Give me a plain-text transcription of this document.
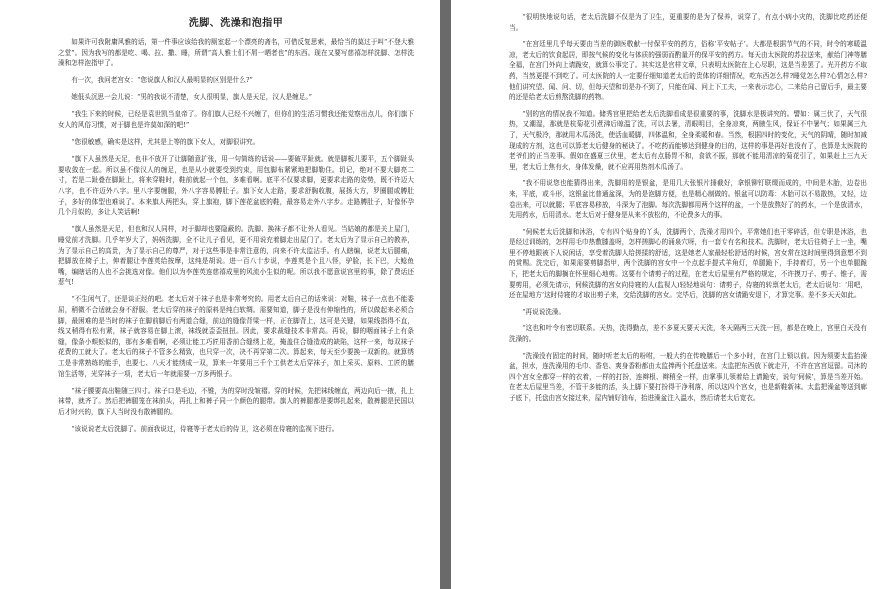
洗脚、洗澡和泡指甲

如果许可我附庸风雅的话，第一件事应该给我的厕室起一个漂亮的斋名，可借反复思索，最恰当的莫过于叫“不登大雅之堂”。因为我写的都是吃、喝、拉、撒、睡，所谓“高人雅士们不屑一晒者也”的东西。现在又要写慈禧怎样洗脚、怎样洗澡和怎样泡指甲了。

有一次，我问老宫女：“您说旗人和汉人最明显的区别是什么?”

她低头沉思一会儿说：“男的我说不清楚，女人很明显，旗人是天足，汉人是缠足。”

“我生下来的时候，已经是袁世凯当皇帝了。你们旗人已经不兴缠了，但你们的生活习惯我还能觉察出点儿，你们旗下女人的风俗习惯，对于脚也是许莫如深的吧!”

“您很敏感，确实是这样，尤其是上等的旗下女人，对脚很讲究。

“旗下人虽然是天足，也非不放开了让脚随意扩张，用一句简练的话说——要破平趾就。就是脚板儿要平，五个脚趾头要收敛在一起。所以虽不像汉人的缠足，也是从小就要受到约束，用包脚布紧紧地把脚勒住。切记，绝对不要大脚亮二寸，若是二趾叠在脚趾上，将来穿鞋时，鞋前就起一个包，多难看啊。底平不仅要求脚，更要求走路的姿势，既不许迈大八字，也不许迈外八字。里八字要缠腿，外八字容易膊肚子。旗下女人走路，要求舒胸收腹，展扬大方，罗圈腿或膊肚子，多好的体型也难说了。本来旗人两把头，穿上旗袍，脚下莲花盆底的鞋，最容易走外八字步。走路膊肚子，好像怀孕几个月似的，多让人笑话啊!

“旗人虽然是天足，但也和汉人同样，对于脚却也要隐蔽的。洗脚、换袜子都不让外人看见。当姑娘的都是关上屋门，睡觉前才洗脚。几乎年岁大了，妈妈洗脚，全不让儿子看见，更不用说充着脚走出屋门了。老太后为了显示自己的教养，为了显示自己的高贵，为了显示自己的尊严，对于这些事是非常注意的，向来不许太监沾手。有人瞎编，说老太后腿痛，把脚放在椅子上，伸着腿让李莲英给按摩，这纯是胡说。进一百八十步说，李莲英是个且八怪，驴脸，长下巴，大鲶鱼嘴，编瞎话的人也不会挑选对像。他们以为李莲英连慈禧成里的风流小生似的呢。所以我不愿意说宫里的事，除了费话还惹气!

“不生闲气了，还是谈正经的吧。老太后对于袜子也是非常考究的。用老太后自己的话来说：对鞋，袜子一点也不能委屈，稍微不合适就会身不舒服。老太后穿的袜子的原料是纯白软绸。需要知道，脚子是没有伸缩性的，所以做起来必须合脚，最困难的是当时的袜子在脚前脚后有两道合缝，前边的缝像背梁一样，正在脚背上，这可是关键，如果线指得不直，线又稍得有松有紧，袜子就容易在脚上滚，袜线就歪歪扭扭。因此，要求裁缝技术非常高。再说，脚的咽面袜子上有条缝，像条小蜈蚣似的，那有多难看啊，必须让能工巧匠用香前合缝绣上花，掩盖住合缝造成的缺陷，这样一来，每双袜子花费的工就大了。老太后的袜子不管多么精致，也只穿一次，决不再穿第二次。算起来，每天至少要换一双新的。就算绣工是非常熟练的能手，也要七、八天才能绣成一双，算来一年要用三千个工供老太后穿袜子，加上采买、原料、工匠的膳馆生活等，光穿袜子一项，老太后一年就需要一万多两银子。

“袜子腰要高出鞋随三四寸。袜子口是毛边，不锥，为的穿时没皱褶。穿的时候，先把袜线缠直，两边向后一掖，扎上袜带，就齐了。然后把裤腿笼在袜前头，再扎上和裤子同一个颜色的腿带。旗人的裤腿都是要绑扎起来，散裤腿是民国以后才时兴的，旗下人当时没有散裤腿的。

“该说说老太后洗脚了。前面我说过，侍寝等于老太后的侍卫，这必须在侍寝的监视下进行。

“很明快地说句话，老太后洗脚不仅是为了卫生，更重要的是为了保养，说穿了，有点小病小灾的，洗脚比吃药还便当。

“在宫廷里几乎每天要由当差的御医敬献一付保平安的药方，俗称‘平安帖子’。大都是根据节气的不同，时令的寒暖温凉，老太后的饮食起居，即按气候的变化与体质的强弱而酌量开的保平安的药方。每天由太医院的苏拉送来，献给门神等膳全福，在宫门外向上请跪安，就算公事完了。其实这是官样文章，只表明太医院在上心尽职，这是当差罢了。光开药方不取药，当然更提不到吃了。可太医院的人一定要仔细知道老太后的贵体的详细情况，吃东西怎么样?睡觉怎么样?心情怎么样?他们讲究望、闻、问、切，但每天望和切是办不到了，只能在闻、问上下工夫，一来表示忠心，二来给自己留后手，最主要的还是给老太后煎熬洗脚的药物。

“别的宫的情况我不知道。储秀宫里把给老太后洗脚看成是很重要的事，洗脚水是极讲究的。譬如：属三伏了，天气很热，又潮湿，那就是杭菊花引煮沸后晾温了洗，可以去暑，清眼明目，全身凉爽，两腋生风，保证不中暑气；如果属三九了，天气极冷，那就用木瓜汤洗，使活血暖脚，四体温和，全身柔暖和春。当然，根据四时的变化，天气的阴晴，随时加减现成的方剂，这也可以算老太后健身的秘诀了。不吃药而能够达到健身的目的，这样的事是再好也没有了，也算是太医院的老爷们的正当差事。假如在盛夏三伏里，老太后有点肠胃不和，食欲不振，那就不能用清凉的菊花引了，如果赶上三九天里，老太后上焦有火，身体发燥，就不应再用热剂木瓜汤了。

“我不用说您也能猜得出来，洗脚用的是银盆，是用几大张银片捶截好，拿银铆钉联缀而成的，中间是木胎，边卷出来，平底，或斗形，这银盆比普通盆深，为的是泡脚方便，也是精心制做的。银盆可以防毒：木胎可以不易散热，又轻，边卷出来，可以就腿；平底容易移放，斗深为了泡脚。每次洗脚都用两个这样的盆，一个是放熬好了的药水，一个是放清水，先用药水，后用清水。老太后对于健身是从来不放松的，不论费多大的事。

“伺候老太后洗脚和沐浴，专有四个贴身的丫头，洗脚两个，洗澡才用四个。平常她们也干零碎活，但专职是沐浴，也是经过训练的，怎样用毛巾热敷膝盖呀，怎样搓脚心的涌泉穴呀，有一套专有名和技术。洗脚时，老太后往椅子上一坐，嘴里不停地跟被下人说闲话，享受着洗脚人给搓揉的舒适，这是她老人家最轻松舒适的时候，宫女常在这时间里得到意想不到的赏赐。洗完后，如果需要剪脚指甲，两个洗脚的宫女中一个点起手提式羊角灯，单腿跪下，手持着灯，另一个也单腿跪下，把老太后的脚搁在怀里细心地剪。这要有个请剪子的过程，在老太后屋里有严格的规定，不许摸刀子、剪子、锥子，需要剪用，必须先请示，伺候洗脚的宫女向侍寝的人(监视人)轻轻地说句：请剪子，侍寝的转禀老太后，老太后说句：‘用吧，还在屋地方’这时侍寝的才取出剪子来，交给洗脚的宫女。完毕后，洗脚的宫女请跪安退下，才算完事。差不多天天如此。

“再说说洗澡。

“这也和叶令有密切联系。天热，洗得勤点，差不多夏天要天天洗，冬天隔两三天洗一回，都是在晚上，宫里白天没有洗澡的。

“洗澡没有固定的时间，随时听老太后的吩咐，一般大约在传晚膳后一个多小时，在宫门上锁以前。因为须要太监抬澡盆，担水，连洗澡用的毛巾、香皂、爽身香粉都由太监捧两个托盘送来。太监把东西放下就走开，不许在宫宫逗留。司沐的四个宫女全都穿一样的衣着，一样的打扮，连辫根、辫稍全一样，由掌事儿领着给上请跪安，说句‘伺候’，算是当差开始。在老太后屋里当差，不管干多能的活，头上脚下要打扮得干净利落，所以这四个宫女，也是新鞋新袜。太监把澡盆等送到廊子底下，托盘由宫女接过来，屋内铺好油布，抬进澡盆注入温水，然后请老太后宽衣。
